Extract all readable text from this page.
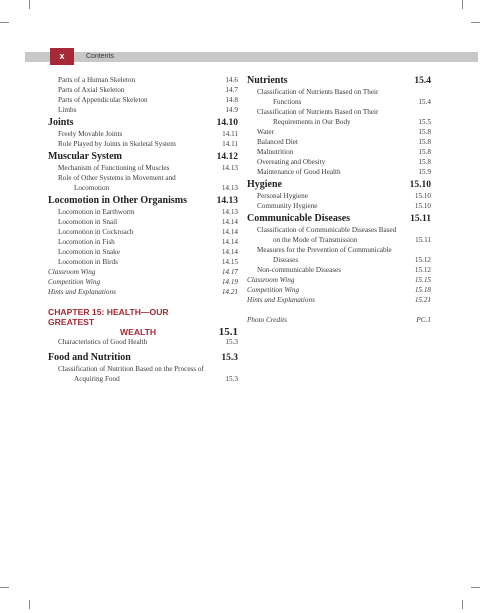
x	Contents
Parts of a Human Skeleton	14.6
Parts of Axial Skeleton	14.7
Parts of Appendicular Skeleton	14.8
Limbs	14.9
Joints	14.10
Freely Movable Joints	14.11
Role Played by Joints in Skeletal System	14.11
Muscular System	14.12
Mechanism of Functioning of Muscles	14.13
Role of Other Systems in Movement and Locomotion	14.13
Locomotion in Other Organisms	14.13
Locomotion in Earthworm	14.13
Locomotion in Snail	14.14
Locomotion in Cockroach	14.14
Locomotion in Fish	14.14
Locomotion in Snake	14.14
Locomotion in Birds	14.15
Classroom Wing	14.17
Competition Wing	14.19
Hints and Explanations	14.21
CHAPTER 15: HEALTH—OUR GREATEST
WEALTH	15.1
Characteristics of Good Health	15.3
Food and Nutrition	15.3
Classification of Nutrition Based on the Process of Acquiring Food	15.3
Nutrients	15.4
Classification of Nutrients Based on Their Functions	15.4
Classification of Nutrients Based on Their Requirements in Our Body	15.5
Water	15.8
Balanced Diet	15.8
Malnutrition	15.8
Overeating and Obesity	15.8
Maintenance of Good Health	15.9
Hygiene	15.10
Personal Hygiene	15.10
Community Hygiene	15.10
Communicable Diseases	15.11
Classification of Communicable Diseases Based on the Mode of Transmission	15.11
Measures for the Prevention of Communicable Diseases	15.12
Non-communicable Diseases	15.12
Classroom Wing	15.15
Competition Wing	15.18
Hints and Explanations	15.21
Photo Credits	PC.1
